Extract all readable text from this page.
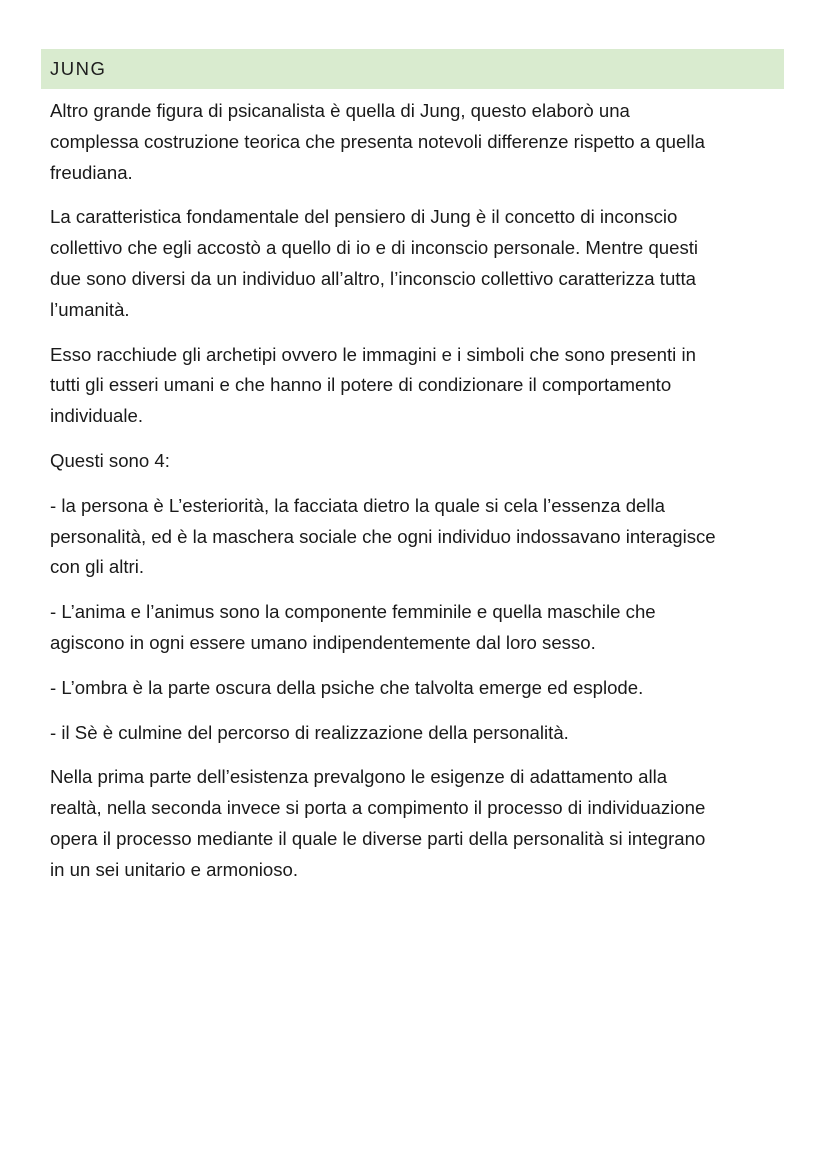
JUNG

Altro grande figura di psicanalista è quella di Jung, questo elaborò una
complessa costruzione teorica che presenta notevoli differenze rispetto a quella
freudiana.

La caratteristica fondamentale del pensiero di Jung è il concetto di inconscio
collettivo che egli accostò a quello di io e di inconscio personale. Mentre questi
due sono diversi da un individuo all’altro, l’inconscio collettivo caratterizza tutta
l’umanità.

Esso racchiude gli archetipi ovvero le immagini e i simboli che sono presenti in
tutti gli esseri umani e che hanno il potere di condizionare il comportamento
individuale.

Questi sono 4:

- la persona è L’esteriorità, la facciata dietro la quale si cela l’essenza della
personalità, ed è la maschera sociale che ogni individuo indossavano interagisce
con gli altri.

- L’anima e l’animus sono la componente femminile e quella maschile che
agiscono in ogni essere umano indipendentemente dal loro sesso.

- L’ombra è la parte oscura della psiche che talvolta emerge ed esplode.

- il Sè è culmine del percorso di realizzazione della personalità.

Nella prima parte dell’esistenza prevalgono le esigenze di adattamento alla
realtà, nella seconda invece si porta a compimento il processo di individuazione
opera il processo mediante il quale le diverse parti della personalità si integrano
in un sei unitario e armonioso.
